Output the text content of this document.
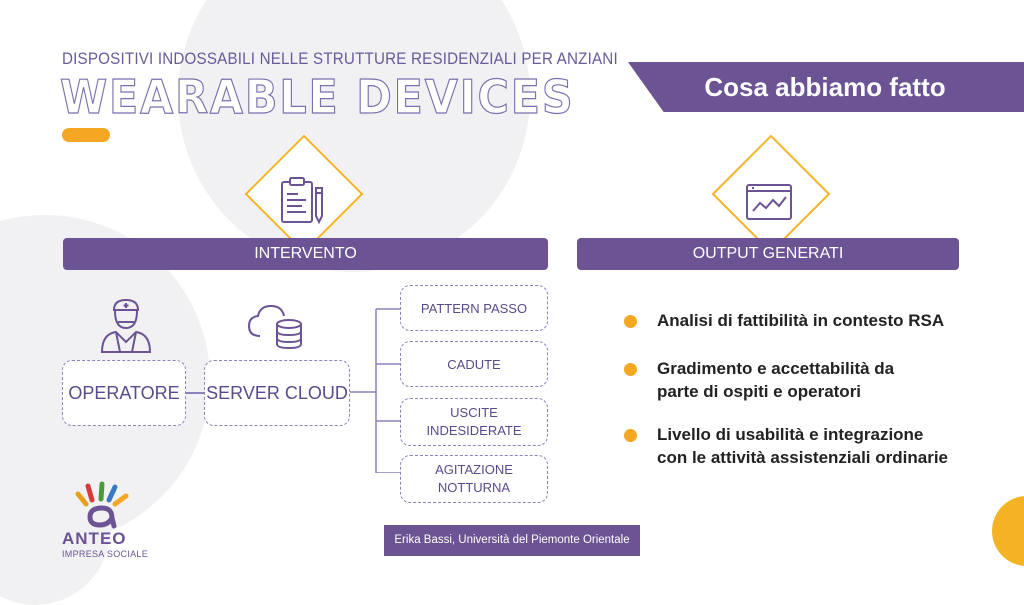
DISPOSITIVI INDOSSABILI NELLE STRUTTURE RESIDENZIALI PER ANZIANI
WEARABLE DEVICES	Cosa abbiamo fatto
INTERVENTO	OUTPUT GENERATI
OPERATORE SERVER CLOUD
PATTERN PASSO
CADUTE
USCITE
INDESIDERATE
AGITAZIONE
NOTTURNA
Analisi di fattibilità in contesto RSA
Gradimento e accettabilità da parte di ospiti e operatori
Livello di usabilità e integrazione con le attività assistenziali ordinarie
Erika Bassi, Università del Piemonte Orientale
ANTEO
IMPRESA SOCIALE
